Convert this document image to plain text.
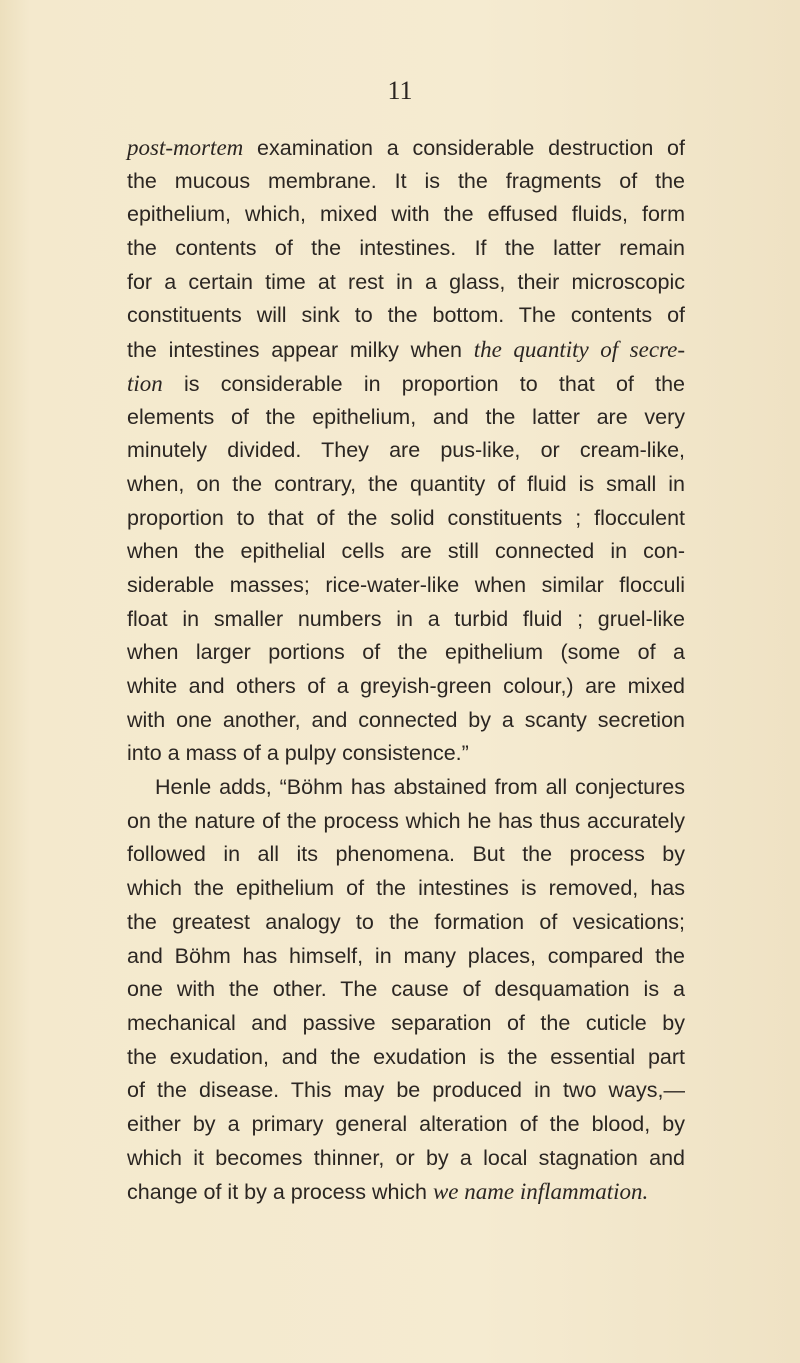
11
post-mortem examination a considerable destruction of
the mucous membrane. It is the fragments of the
epithelium, which, mixed with the effused fluids, form
the contents of the intestines. If the latter remain
for a certain time at rest in a glass, their microscopic
constituents will sink to the bottom. The contents of
the intestines appear milky when the quantity of secre-
tion is considerable in proportion to that of the
elements of the epithelium, and the latter are very
minutely divided. They are pus-like, or cream-like,
when, on the contrary, the quantity of fluid is small in
proportion to that of the solid constituents ; flocculent
when the epithelial cells are still connected in con-
siderable masses; rice-water-like when similar flocculi
float in smaller numbers in a turbid fluid ; gruel-like
when larger portions of the epithelium (some of a
white and others of a greyish-green colour,) are mixed
with one another, and connected by a scanty secretion
into a mass of a pulpy consistence.”
Henle adds, “Böhm has abstained from all conjectures
on the nature of the process which he has thus accurately
followed in all its phenomena. But the process by
which the epithelium of the intestines is removed, has
the greatest analogy to the formation of vesications;
and Böhm has himself, in many places, compared the
one with the other. The cause of desquamation is a
mechanical and passive separation of the cuticle by
the exudation, and the exudation is the essential part
of the disease. This may be produced in two ways,—
either by a primary general alteration of the blood, by
which it becomes thinner, or by a local stagnation and
change of it by a process which we name inflammation.
